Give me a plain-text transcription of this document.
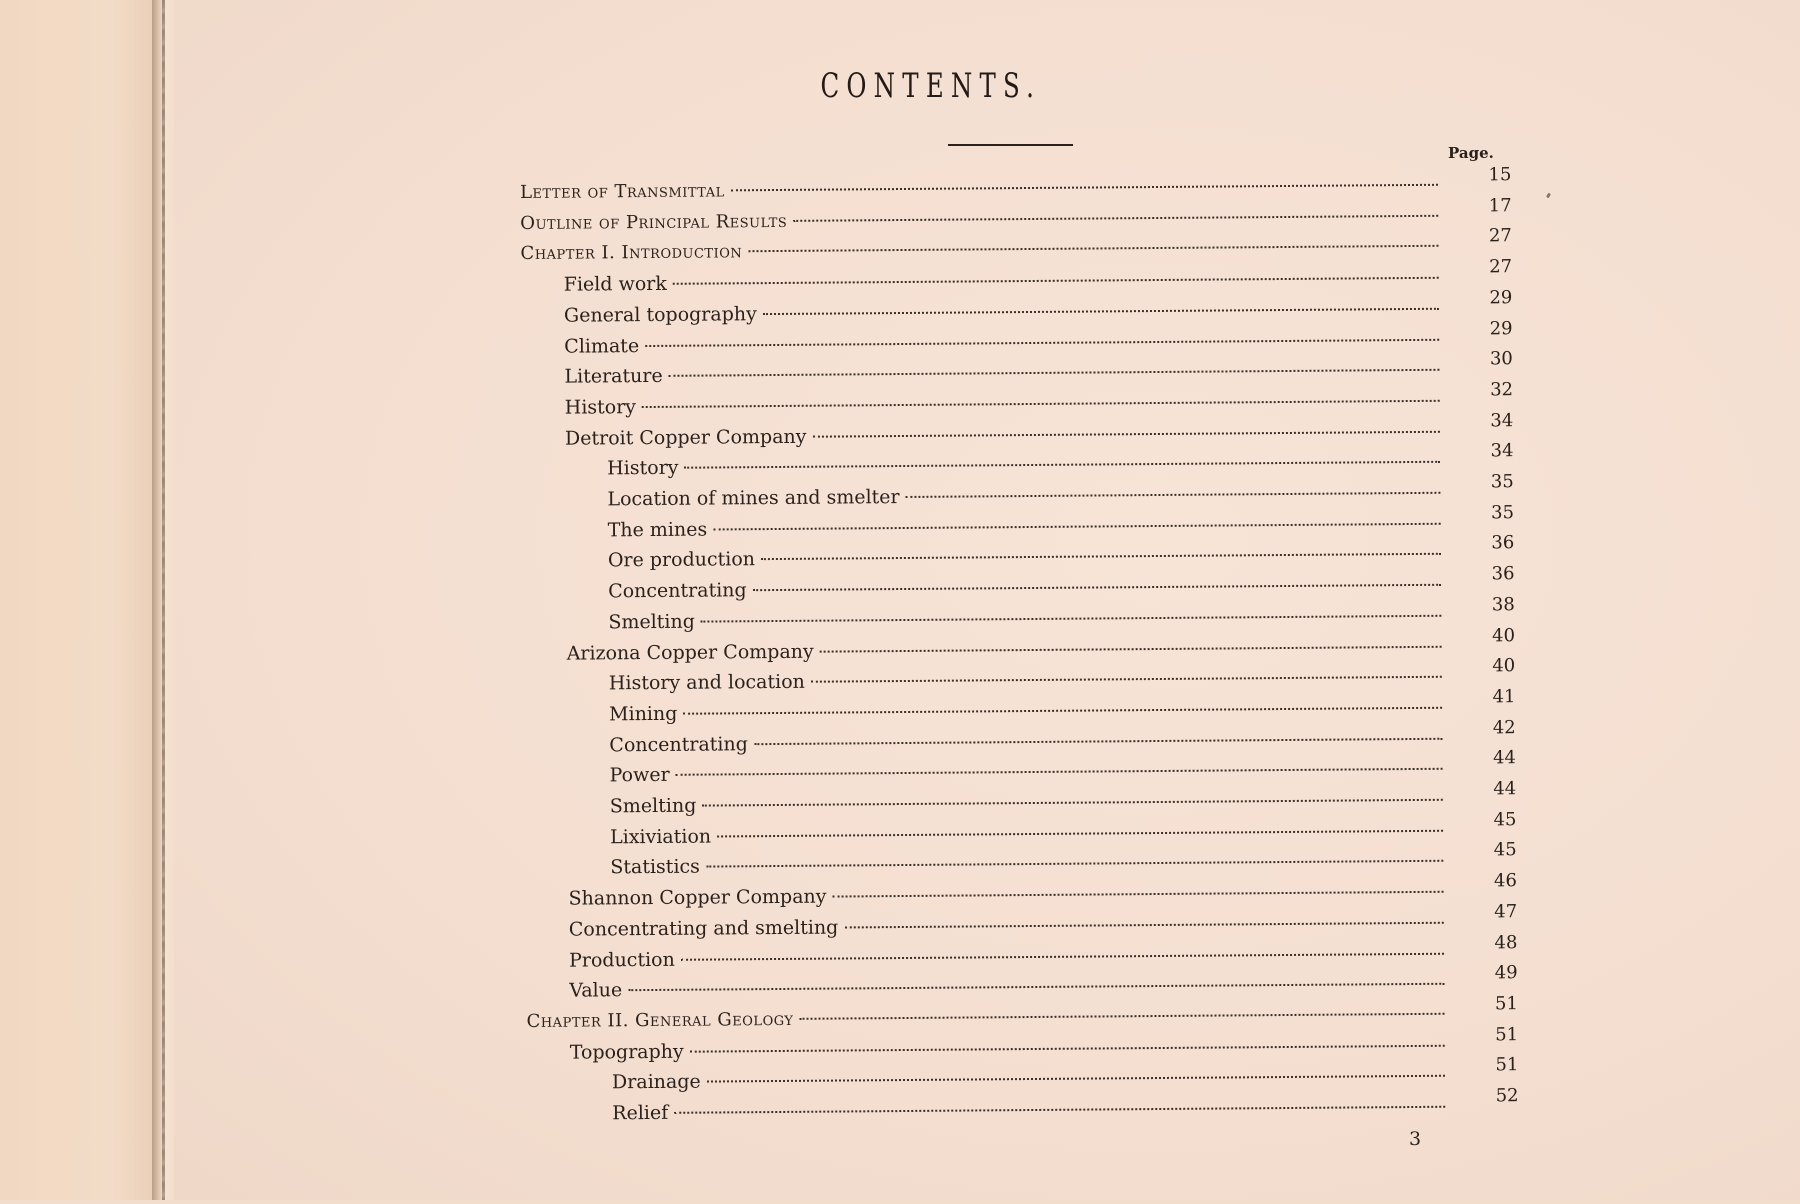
CONTENTS.
Page.
Letter of Transmittal
15
Outline of Principal Results
17
Chapter I. Introduction
27
Field work
27
General topography
29
Climate
29
Literature
30
History
32
Detroit Copper Company
34
History
34
Location of mines and smelter
35
The mines
35
Ore production
36
Concentrating
36
Smelting
38
Arizona Copper Company
40
History and location
40
Mining
41
Concentrating
42
Power
44
Smelting
44
Lixiviation
45
Statistics
45
Shannon Copper Company
46
Concentrating and smelting
47
Production
48
Value
49
Chapter II. General Geology
51
Topography
51
Drainage
51
Relief
52
3
